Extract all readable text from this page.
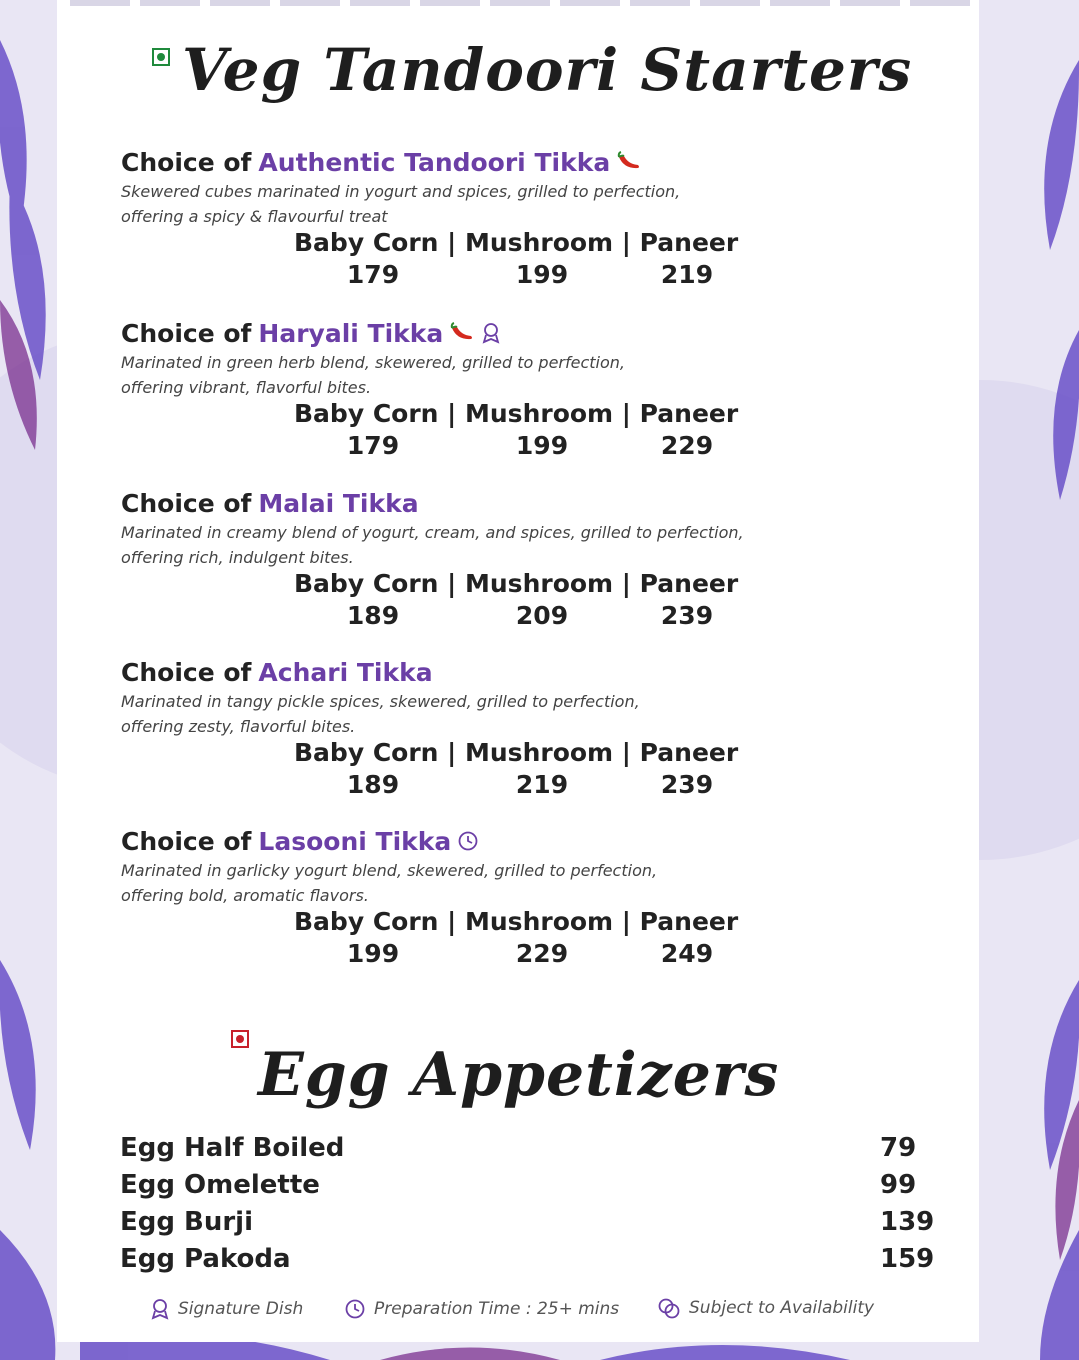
Veg Tandoori Starters
Choice of Authentic Tandoori Tikka
Skewered cubes marinated in yogurt and spices, grilled to perfection,
offering a spicy & flavourful treat
Baby Corn | Mushroom | Paneer
179	199	219
Choice of Haryali Tikka
Marinated in green herb blend, skewered, grilled to perfection,
offering vibrant, flavorful bites.
Baby Corn | Mushroom | Paneer
179	199	229
Choice of Malai Tikka
Marinated in creamy blend of yogurt, cream, and spices, grilled to perfection,
offering rich, indulgent bites.
Baby Corn | Mushroom | Paneer
189	209	239
Choice of Achari Tikka
Marinated in tangy pickle spices, skewered, grilled to perfection,
offering zesty, flavorful bites.
Baby Corn | Mushroom | Paneer
189	219	239
Choice of Lasooni Tikka
Marinated in garlicky yogurt blend, skewered, grilled to perfection,
offering bold, aromatic flavors.
Baby Corn | Mushroom | Paneer
199	229	249
Egg Appetizers
Egg Half Boiled	79
Egg Omelette	99
Egg Burji	139
Egg Pakoda	159
Signature Dish	Preparation Time : 25+ mins	Subject to Availability
